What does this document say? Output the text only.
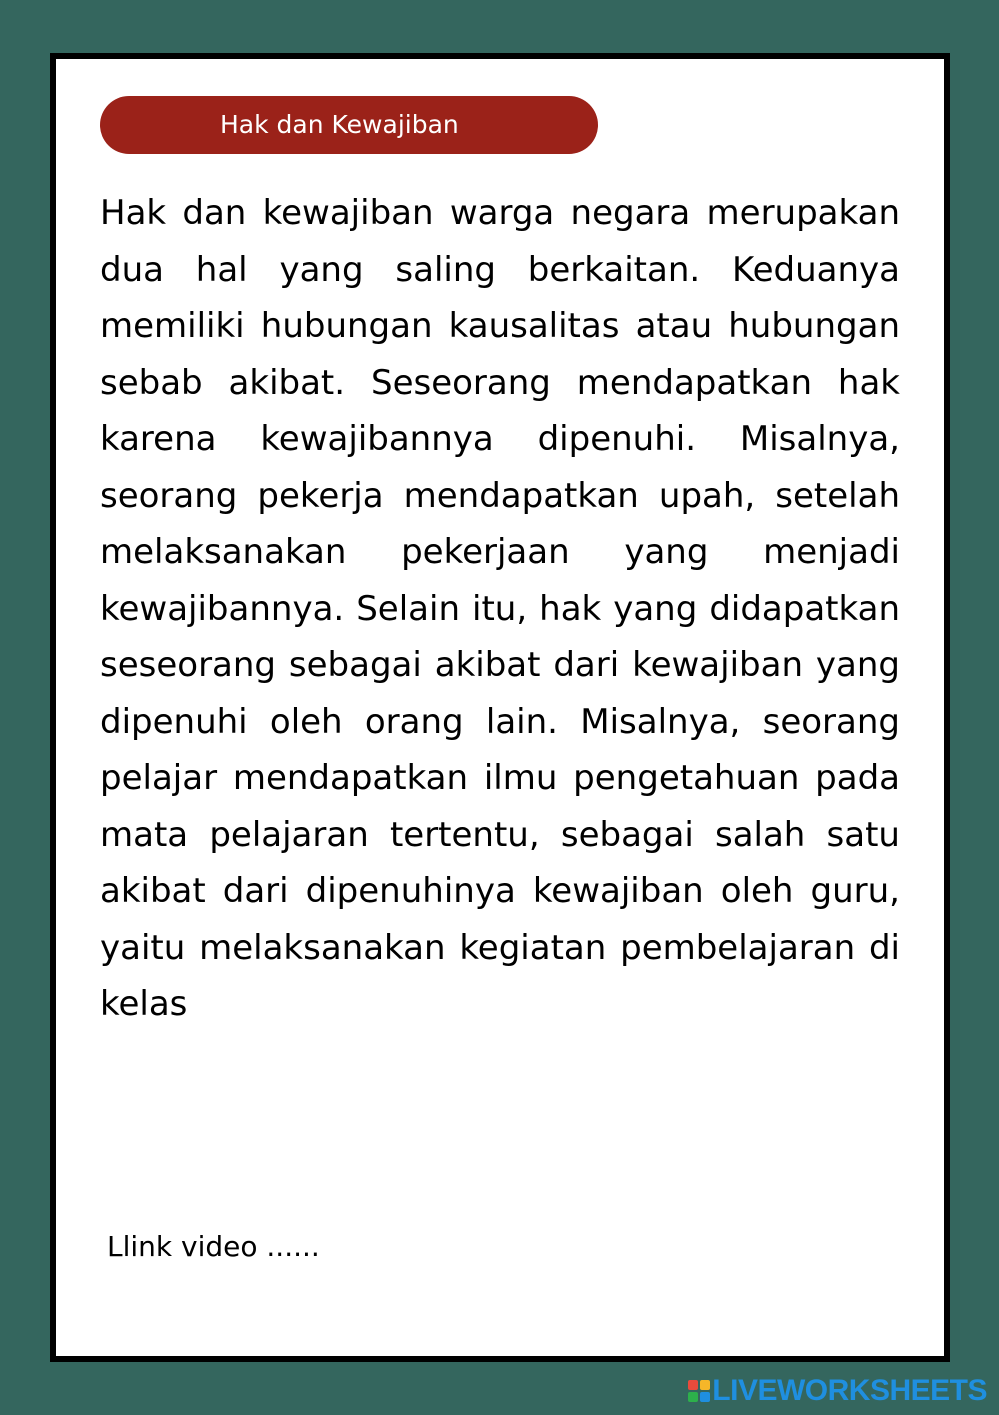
Hak dan Kewajiban

Hak dan kewajiban warga negara merupakan dua hal yang saling berkaitan. Keduanya memiliki hubungan kausalitas atau hubungan sebab akibat. Seseorang mendapatkan hak karena kewajibannya dipenuhi. Misalnya, seorang pekerja mendapatkan upah, setelah melaksanakan pekerjaan yang menjadi kewajibannya. Selain itu, hak yang didapatkan seseorang sebagai akibat dari kewajiban yang dipenuhi oleh orang lain. Misalnya, seorang pelajar mendapatkan ilmu pengetahuan pada mata pelajaran tertentu, sebagai salah satu akibat dari dipenuhinya kewajiban oleh guru, yaitu melaksanakan kegiatan pembelajaran di kelas

Llink video ......

LIVEWORKSHEETS
